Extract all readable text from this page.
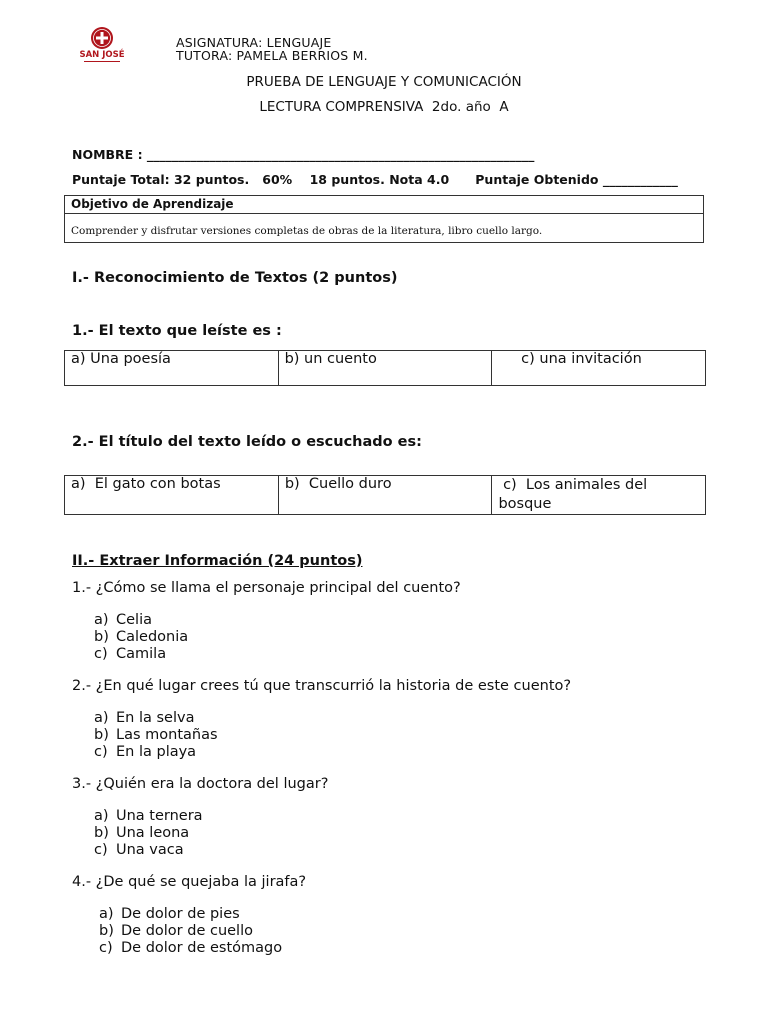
SAN JOSÉ
ASIGNATURA: LENGUAJE
TUTORA: PAMELA BERRIOS M.
PRUEBA DE LENGUAJE Y COMUNICACIÓN
LECTURA COMPRENSIVA  2do. año  A
NOMBRE : ______________________________________________________________
Puntaje Total: 32 puntos.   60%    18 puntos. Nota 4.0      Puntaje Obtenido ____________
Objetivo de Aprendizaje
Comprender y disfrutar versiones completas de obras de la literatura, libro cuello largo.
I.- Reconocimiento de Textos (2 puntos)
1.- El texto que leíste es :
a) Una poesía	b) un cuento	c) una invitación
2.- El título del texto leído o escuchado es:
a)  El gato con botas	b)  Cuello duro	c)  Los animales del bosque
II.- Extraer Información (24 puntos)
1.- ¿Cómo se llama el personaje principal del cuento?
a) Celia
b) Caledonia
c) Camila
2.- ¿En qué lugar crees tú que transcurrió la historia de este cuento?
a) En la selva
b) Las montañas
c) En la playa
3.- ¿Quién era la doctora del lugar?
a) Una ternera
b) Una leona
c) Una vaca
4.- ¿De qué se quejaba la jirafa?
a) De dolor de pies
b) De dolor de cuello
c) De dolor de estómago
